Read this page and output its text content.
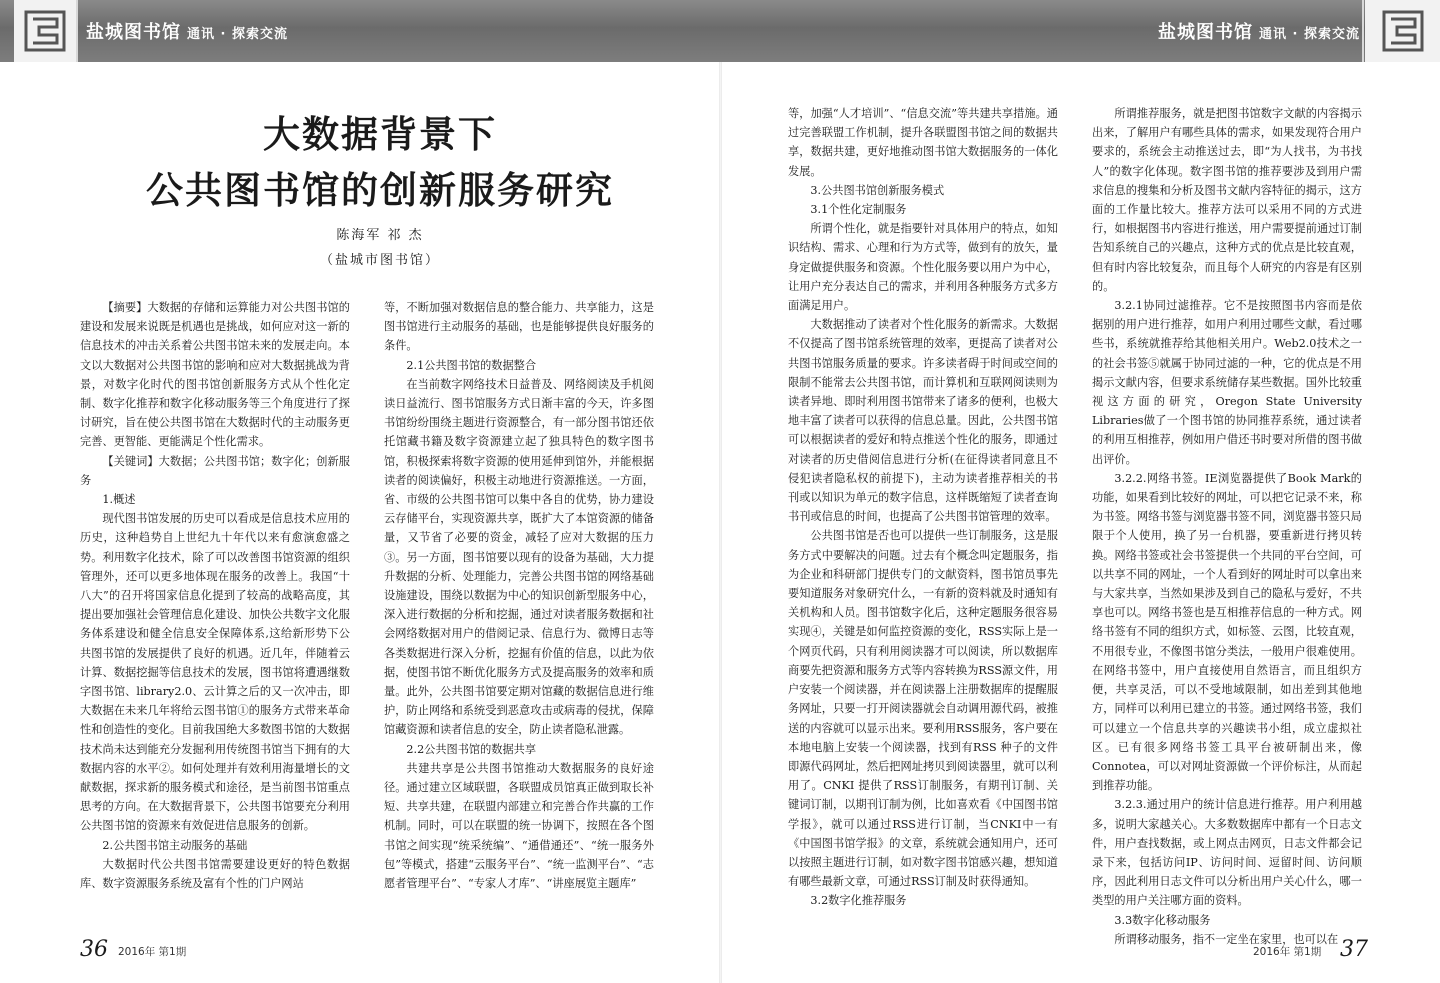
盐城图书馆 通讯 · 探索交流	盐城图书馆 通讯 · 探索交流
大数据背景下
公共图书馆的创新服务研究
陈海军 祁 杰
（盐城市图书馆）

【摘要】大数据的存储和运算能力对公共图书馆的建设和发展来说既是机遇也是挑战，如何应对这一新的信息技术的冲击关系着公共图书馆未来的发展走向。本文以大数据对公共图书馆的影响和应对大数据挑战为背景，对数字化时代的图书馆创新服务方式从个性化定制、数字化推荐和数字化移动服务等三个角度进行了探讨研究，旨在使公共图书馆在大数据时代的主动服务更完善、更智能、更能满足个性化需求。

【关键词】大数据；公共图书馆；数字化；创新服务

1.概述

现代图书馆发展的历史可以看成是信息技术应用的历史，这种趋势自上世纪九十年代以来有愈演愈盛之势。利用数字化技术，除了可以改善图书馆资源的组织管理外，还可以更多地体现在服务的改善上。我国“十八大”的召开将国家信息化提到了较高的战略高度，其提出要加强社会管理信息化建设、加快公共数字文化服务体系建设和健全信息安全保障体系,这给新形势下公共图书馆的发展提供了良好的机遇。近几年，伴随着云计算、数据挖掘等信息技术的发展，图书馆将遭遇继数字图书馆、library2.0、云计算之后的又一次冲击，即大数据在未来几年将给云图书馆①的服务方式带来革命性和创造性的变化。目前我国绝大多数图书馆的大数据技术尚未达到能充分发掘利用传统图书馆当下拥有的大数据内容的水平②。如何处理并有效利用海量增长的文献数据，探求新的服务模式和途径，是当前图书馆重点思考的方向。在大数据背景下，公共图书馆要充分利用公共图书馆的资源来有效促进信息服务的创新。

2.公共图书馆主动服务的基础

大数据时代公共图书馆需要建设更好的特色数据库、数字资源服务系统及富有个性的门户网站

等，不断加强对数据信息的整合能力、共享能力，这是图书馆进行主动服务的基础，也是能够提供良好服务的条件。

2.1公共图书馆的数据整合

在当前数字网络技术日益普及、网络阅读及手机阅读日益流行、图书馆服务方式日渐丰富的今天，许多图书馆纷纷围绕主题进行资源整合，有一部分图书馆还依托馆藏书籍及数字资源建立起了独具特色的数字图书馆，积极探索将数字资源的使用延伸到馆外，并能根据读者的阅读偏好，积极主动地进行资源推送。一方面，省、市级的公共图书馆可以集中各自的优势，协力建设云存储平台，实现资源共享，既扩大了本馆资源的储备量，又节省了必要的资金，减轻了应对大数据的压力③。另一方面，图书馆要以现有的设备为基础，大力提升数据的分析、处理能力，完善公共图书馆的网络基础设施建设，围绕以数据为中心的知识创新型服务中心，深入进行数据的分析和挖掘，通过对读者服务数据和社会网络数据对用户的借阅记录、信息行为、微博日志等各类数据进行深入分析，挖掘有价值的信息，以此为依据，使图书馆不断优化服务方式及提高服务的效率和质量。此外，公共图书馆要定期对馆藏的数据信息进行维护，防止网络和系统受到恶意攻击或病毒的侵扰，保障馆藏资源和读者信息的安全，防止读者隐私泄露。

2.2公共图书馆的数据共享

共建共享是公共图书馆推动大数据服务的良好途径。通过建立区域联盟，各联盟成员馆真正做到取长补短、共享共建，在联盟内部建立和完善合作共赢的工作机制。同时，可以在联盟的统一协调下，按照在各个图书馆之间实现“统采统编”、“通借通还”、“统一服务外包”等模式，搭建“云服务平台”、“统一监测平台”、“志愿者管理平台”、“专家人才库”、“讲座展览主题库”

等，加强“人才培训”、“信息交流”等共建共享措施。通过完善联盟工作机制，提升各联盟图书馆之间的数据共享，数据共建，更好地推动图书馆大数据服务的一体化发展。

3.公共图书馆创新服务模式

3.1个性化定制服务

所谓个性化，就是指要针对具体用户的特点，如知识结构、需求、心理和行为方式等，做到有的放矢，量身定做提供服务和资源。个性化服务要以用户为中心，让用户充分表达自己的需求，并利用各种服务方式多方面满足用户。

大数据推动了读者对个性化服务的新需求。大数据不仅提高了图书馆系统管理的效率，更提高了读者对公共图书馆服务质量的要求。许多读者碍于时间或空间的限制不能常去公共图书馆，而计算机和互联网阅读则为读者异地、即时利用图书馆带来了诸多的便利，也极大地丰富了读者可以获得的信息总量。因此，公共图书馆可以根据读者的爱好和特点推送个性化的服务，即通过对读者的历史借阅信息进行分析(在征得读者同意且不侵犯读者隐私权的前提下)，主动为读者推荐相关的书刊或以知识为单元的数字信息，这样既缩短了读者查询书刊或信息的时间，也提高了公共图书馆管理的效率。

公共图书馆是否也可以提供一些订制服务，这是服务方式中要解决的问题。过去有个概念叫定题服务，指为企业和科研部门提供专门的文献资料，图书馆员事先要知道服务对象研究什么，一有新的资料就及时通知有关机构和人员。图书馆数字化后，这种定题服务很容易实现④，关键是如何监控资源的变化，RSS实际上是一个网页代码，只有利用阅读器才可以阅读，所以数据库商要先把资源和服务方式等内容转换为RSS源文件，用户安装一个阅读器，并在阅读器上注册数据库的提醒服务网址，只要一打开阅读器就会自动调用源代码，被推送的内容就可以显示出来。要利用RSS服务，客户要在本地电脑上安装一个阅读器，找到有RSS 种子的文件即源代码网址，然后把网址拷贝到阅读器里，就可以利用了。CNKI 提供了RSS订制服务，有期刊订制、关键词订制，以期刊订制为例，比如喜欢看《中国图书馆学报》，就可以通过RSS进行订制，当CNKI中一有《中国图书馆学报》的文章，系统就会通知用户，还可以按照主题进行订制，如对数字图书馆感兴趣，想知道有哪些最新文章，可通过RSS订制及时获得通知。

3.2数字化推荐服务

所谓推荐服务，就是把图书馆数字文献的内容揭示出来，了解用户有哪些具体的需求，如果发现符合用户要求的，系统会主动推送过去，即“为人找书，为书找人”的数字化体现。数字图书馆的推荐要涉及到用户需求信息的搜集和分析及图书文献内容特征的揭示，这方面的工作量比较大。推荐方法可以采用不同的方式进行，如根据图书内容进行推送，用户需要提前通过订制告知系统自己的兴趣点，这种方式的优点是比较直观，但有时内容比较复杂，而且每个人研究的内容是有区别的。

3.2.1协同过滤推荐。它不是按照图书内容而是依据别的用户进行推荐，如用户利用过哪些文献，看过哪些书，系统就推荐给其他相关用户。Web2.0技术之一的社会书签⑤就属于协同过滤的一种，它的优点是不用揭示文献内容，但要求系统储存某些数据。国外比较重视这方面的研究，Oregon State University Libraries做了一个图书馆的协同推荐系统，通过读者的利用互相推荐，例如用户借还书时要对所借的图书做出评价。

3.2.2.网络书签。IE浏览器提供了Book Mark的功能，如果看到比较好的网址，可以把它记录不来，称为书签。网络书签与浏览器书签不同，浏览器书签只局限于个人使用，换了另一台机器，要重新进行拷贝转换。网络书签或社会书签提供一个共同的平台空间，可以共享不同的网址，一个人看到好的网址时可以拿出来与大家共享，当然如果涉及到自己的隐私与爱好，不共享也可以。网络书签也是互相推荐信息的一种方式。网络书签有不同的组织方式，如标签、云图，比较直观，不用很专业，不像图书馆分类法，一般用户很难使用。在网络书签中，用户直接使用自然语言，而且组织方便，共享灵活，可以不受地域限制，如出差到其他地方，同样可以利用已建立的书签。通过网络书签，我们可以建立一个信息共享的兴趣读书小组，成立虚拟社区。已有很多网络书签工具平台被研制出来，像Connotea，可以对网址资源做一个评价标注，从而起到推荐功能。

3.2.3.通过用户的统计信息进行推荐。用户利用越多，说明大家越关心。大多数数据库中都有一个日志文件，用户查找数据，或上网点击网页，日志文件都会记录下来，包括访问IP、访问时间、逗留时间、访问顺序，因此利用日志文件可以分析出用户关心什么，哪一类型的用户关注哪方面的资料。

3.3数字化移动服务

所谓移动服务，指不一定坐在家里，也可以在

36 2016年 第1期	2016年 第1期 37
